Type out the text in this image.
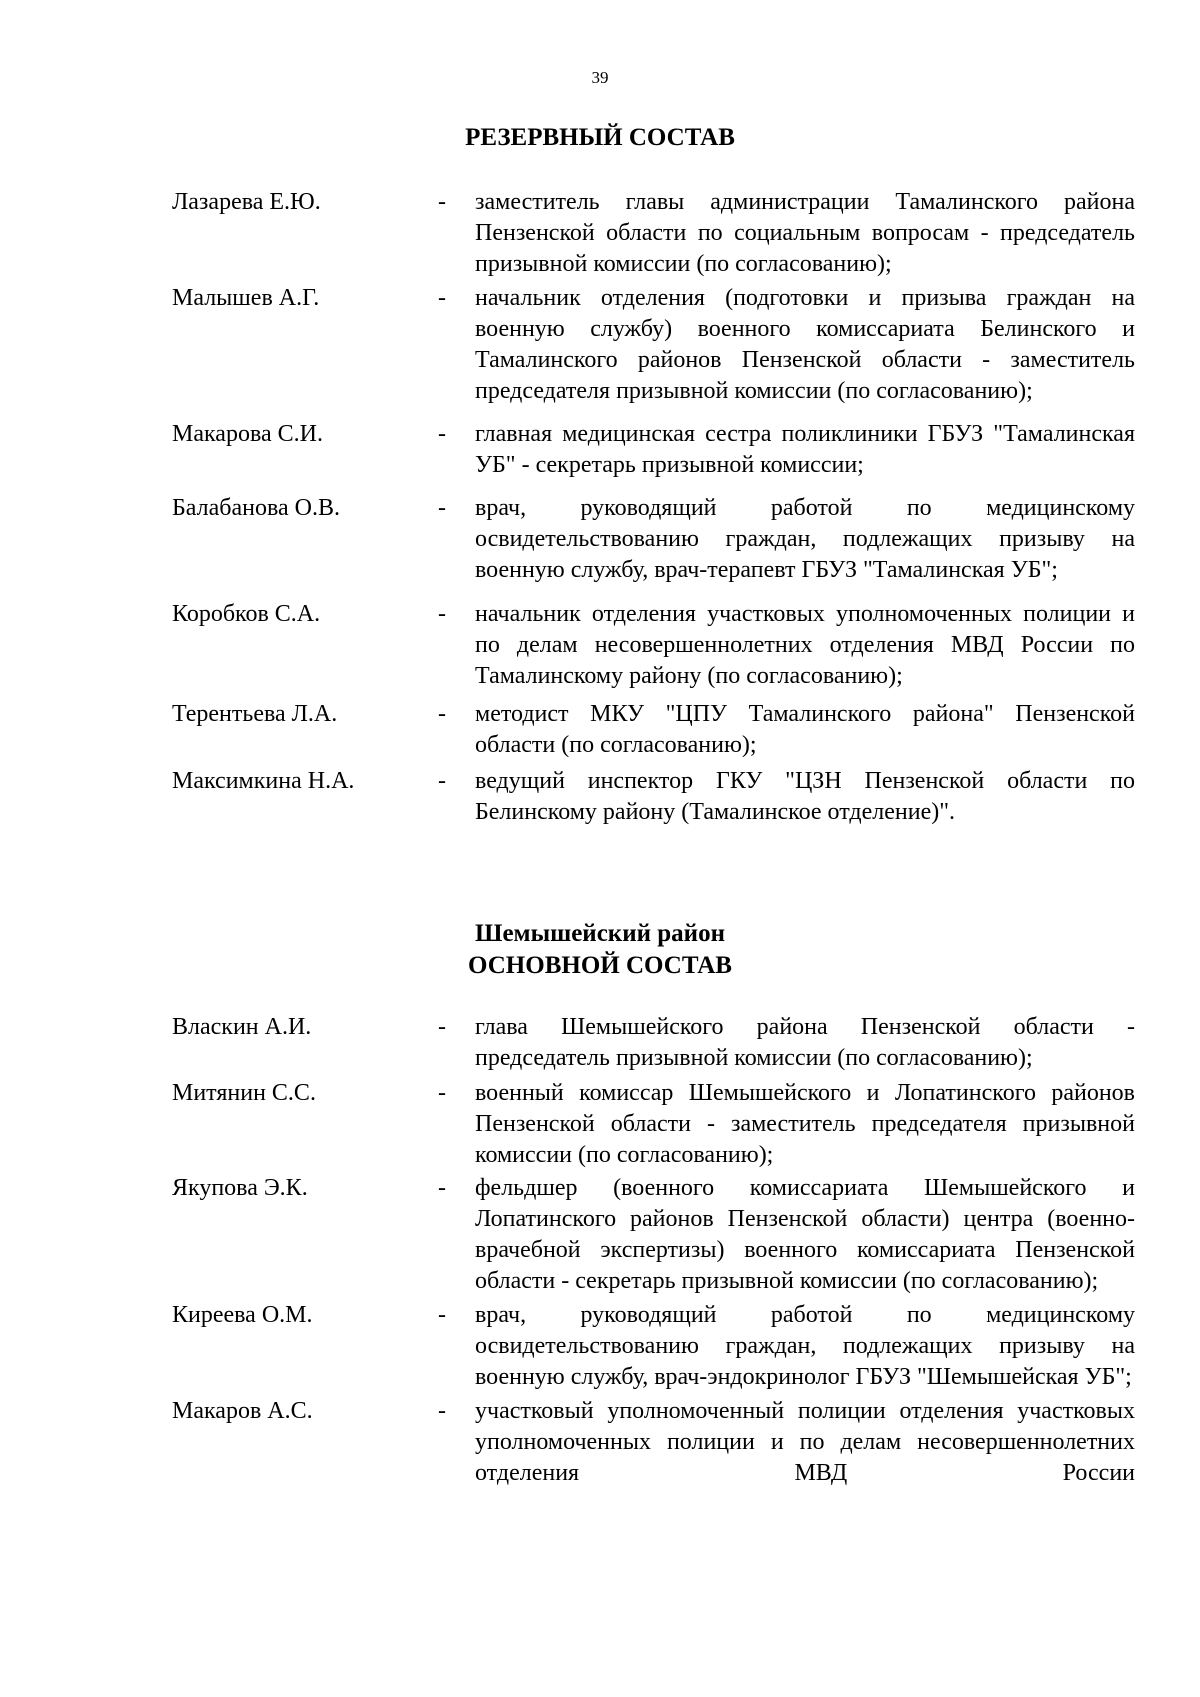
39
РЕЗЕРВНЫЙ СОСТАВ
Лазарева Е.Ю.	- заместитель главы администрации Тамалинского района Пензенской области по социальным вопросам - председатель призывной комиссии (по согласованию);
Малышев А.Г.	- начальник отделения (подготовки и призыва граждан на военную службу) военного комиссариата Белинского и Тамалинского районов Пензенской области - заместитель председателя призывной комиссии (по согласованию);
Макарова С.И.	- главная медицинская сестра поликлиники ГБУЗ "Тамалинская УБ" - секретарь призывной комиссии;
Балабанова О.В.	- врач, руководящий работой по медицинскому освидетельствованию граждан, подлежащих призыву на военную службу, врач-терапевт ГБУЗ "Тамалинская УБ";
Коробков С.А.	- начальник отделения участковых уполномоченных полиции и по делам несовершеннолетних отделения МВД России по Тамалинскому району (по согласованию);
Терентьева Л.А.	- методист МКУ "ЦПУ Тамалинского района" Пензенской области (по согласованию);
Максимкина Н.А.	- ведущий инспектор ГКУ "ЦЗН Пензенской области по Белинскому району (Тамалинское отделение)".
Шемышейский район
ОСНОВНОЙ СОСТАВ
Власкин А.И.	- глава Шемышейского района Пензенской области - председатель призывной комиссии (по согласованию);
Митянин С.С.	- военный комиссар Шемышейского и Лопатинского районов Пензенской области - заместитель председателя призывной комиссии (по согласованию);
Якупова Э.К.	- фельдшер (военного комиссариата Шемышейского и Лопатинского районов Пензенской области) центра (военно-врачебной экспертизы) военного комиссариата Пензенской области - секретарь призывной комиссии (по согласованию);
Киреева О.М.	- врач, руководящий работой по медицинскому освидетельствованию граждан, подлежащих призыву на военную службу, врач-эндокринолог ГБУЗ "Шемышейская УБ";
Макаров А.С.	- участковый уполномоченный полиции отделения участковых уполномоченных полиции и по делам несовершеннолетних отделения МВД России
